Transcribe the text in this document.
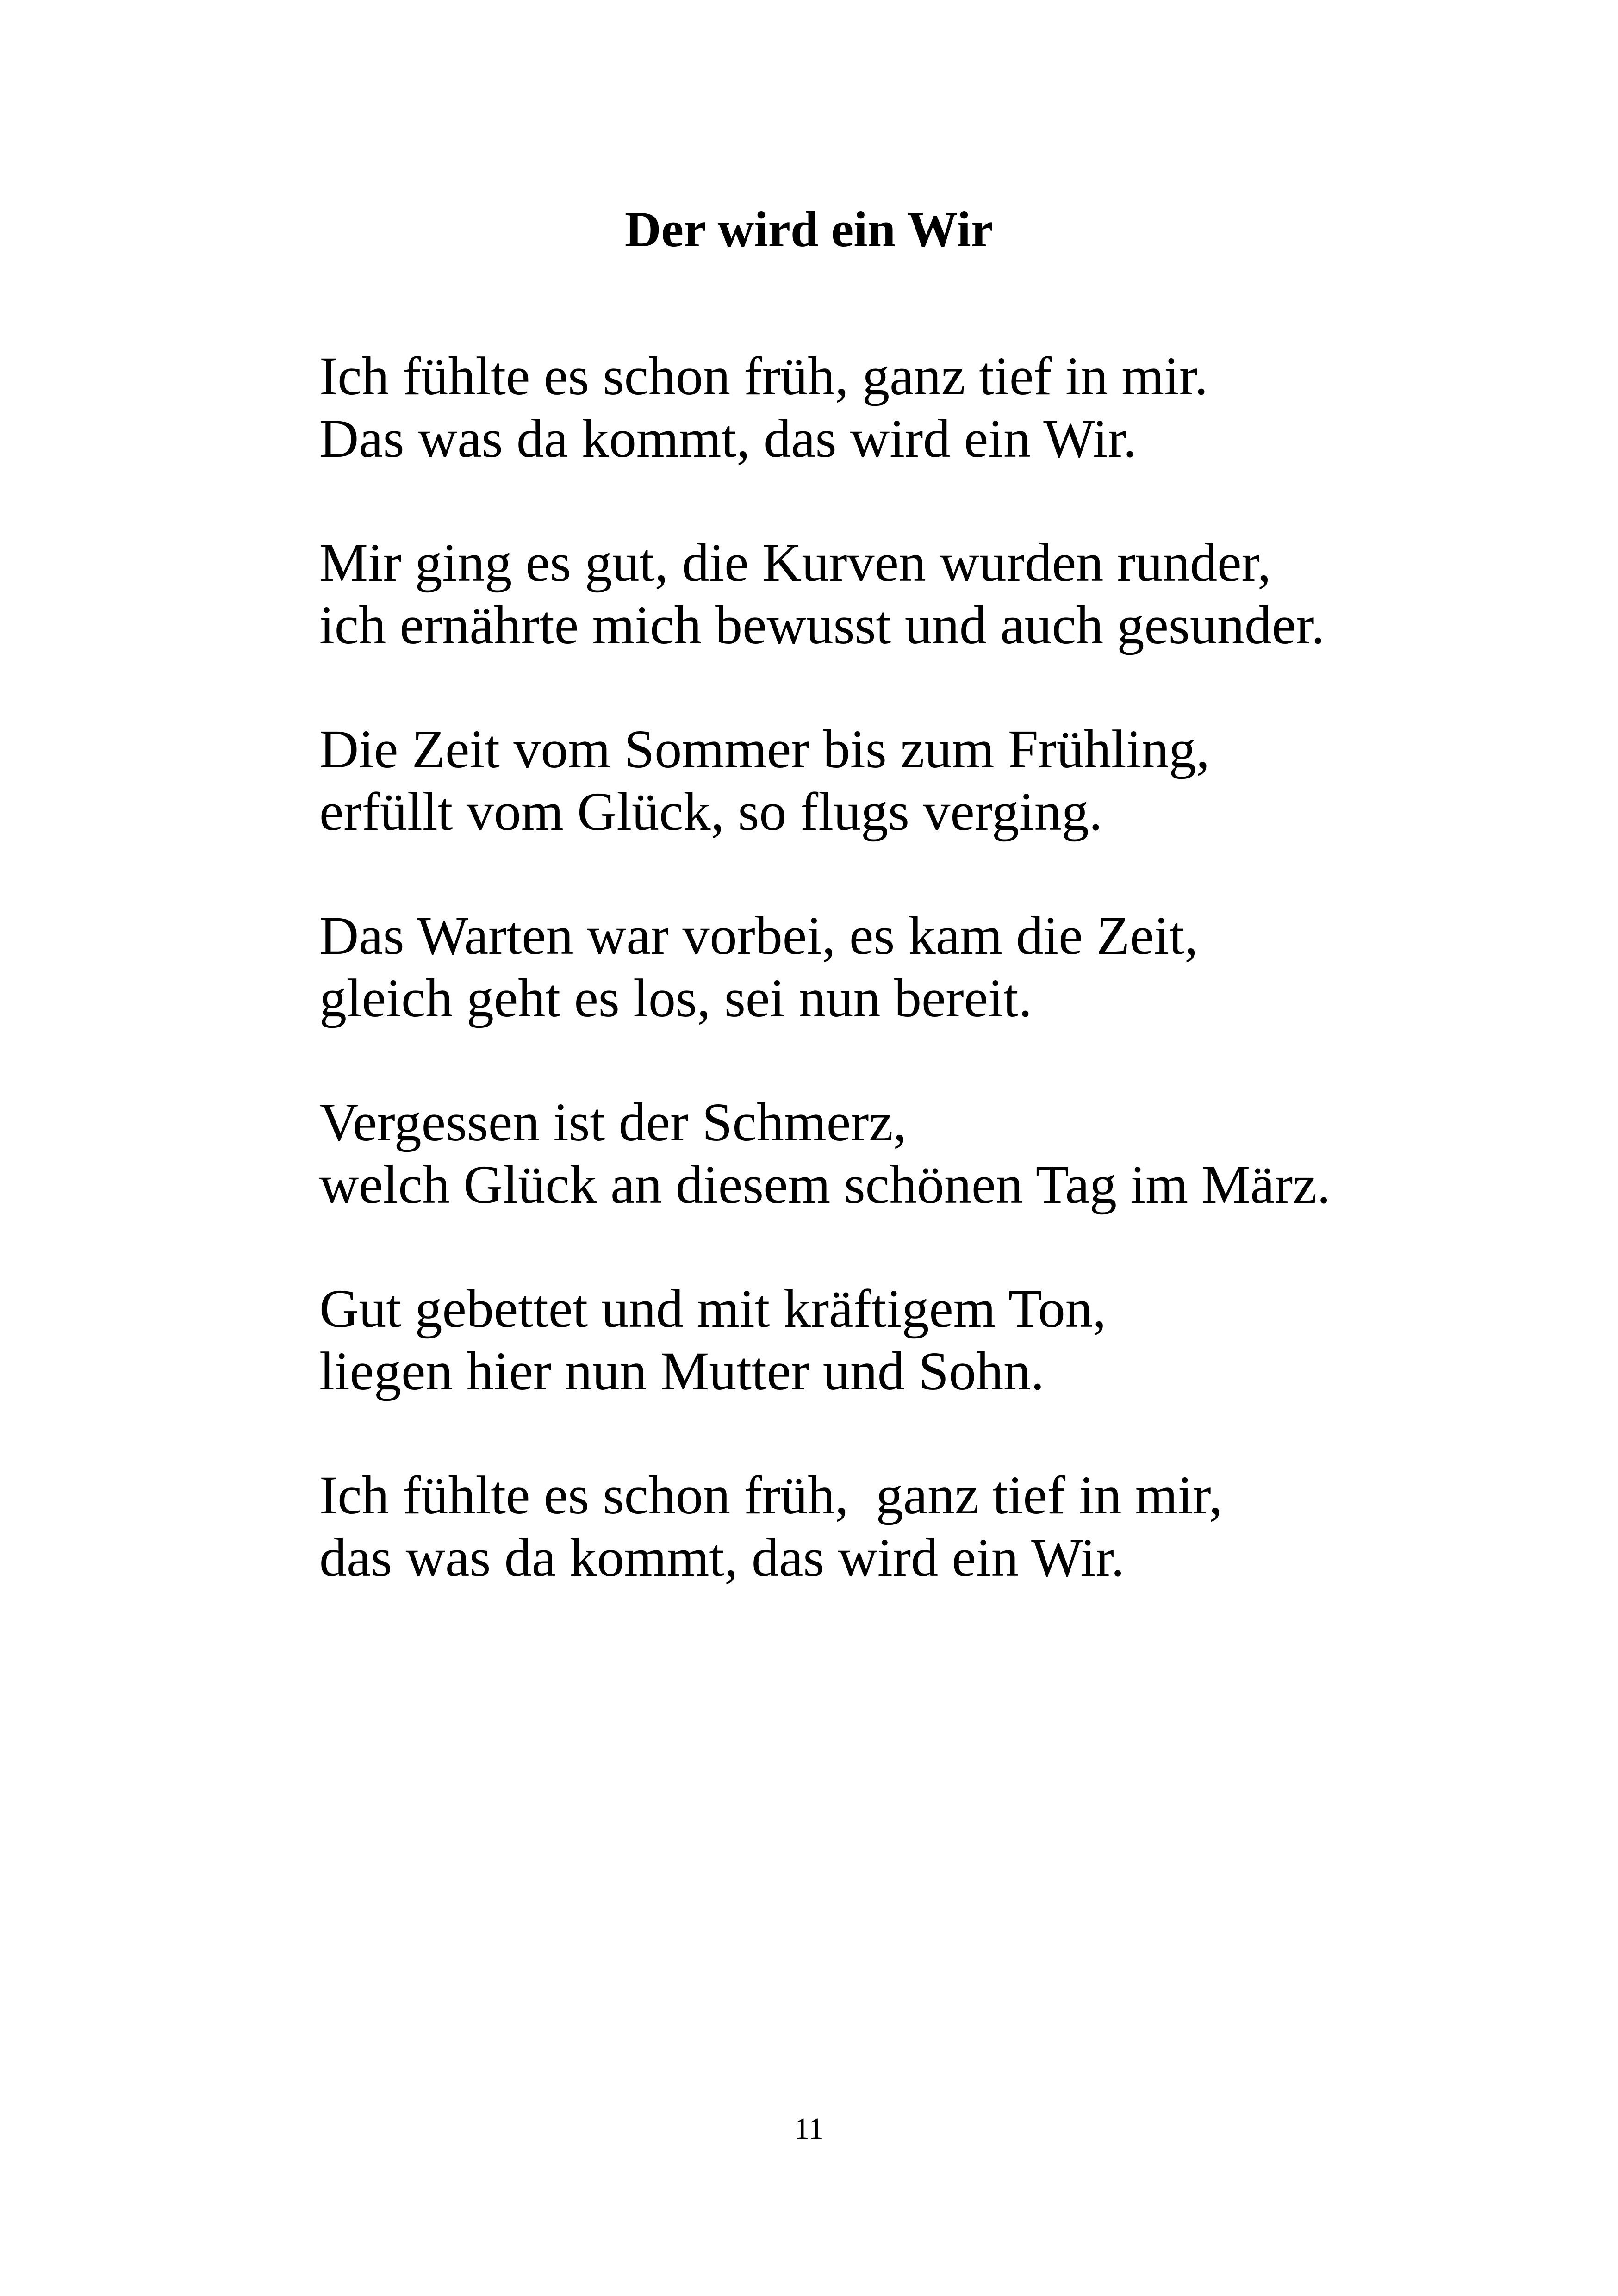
Der wird ein Wir
Ich fühlte es schon früh, ganz tief in mir.
Das was da kommt, das wird ein Wir.
Mir ging es gut, die Kurven wurden runder,
ich ernährte mich bewusst und auch gesunder.
Die Zeit vom Sommer bis zum Frühling,
erfüllt vom Glück, so flugs verging.
Das Warten war vorbei, es kam die Zeit,
gleich geht es los, sei nun bereit.
Vergessen ist der Schmerz,
welch Glück an diesem schönen Tag im März.
Gut gebettet und mit kräftigem Ton,
liegen hier nun Mutter und Sohn.
Ich fühlte es schon früh,  ganz tief in mir,
das was da kommt, das wird ein Wir.
11
